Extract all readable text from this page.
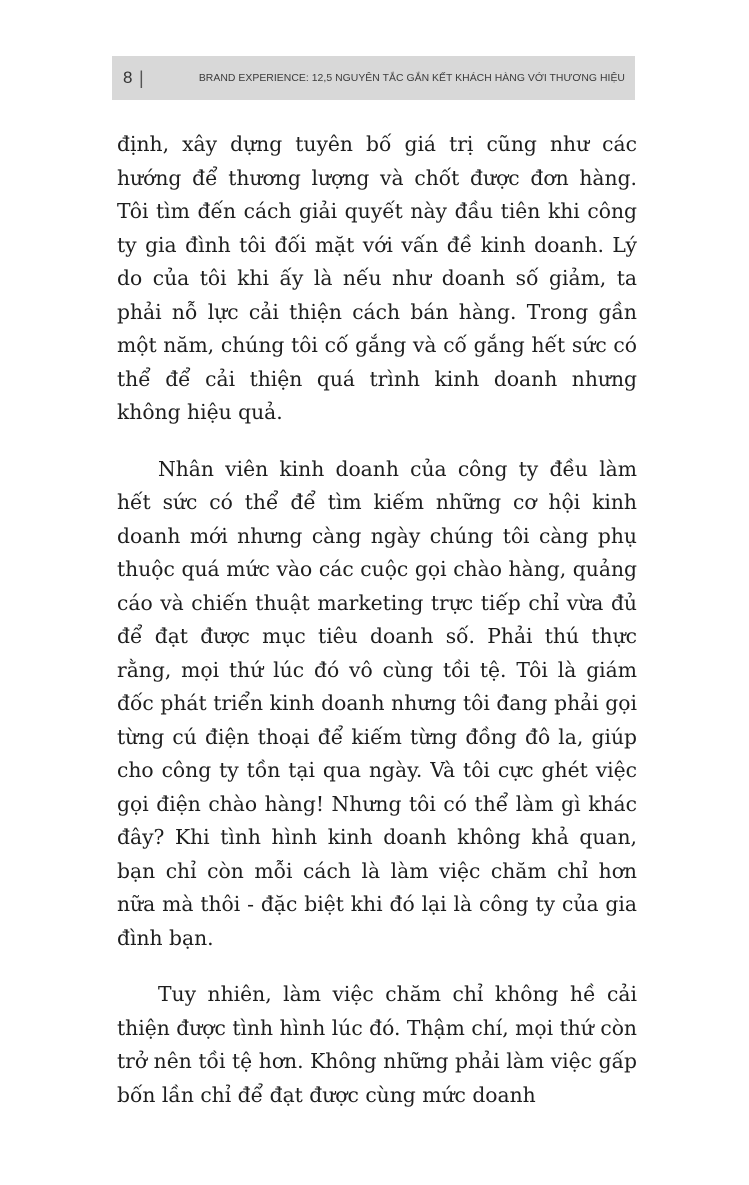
8 |	BRAND EXPERIENCE: 12,5 NGUYÊN TẮC GẮN KẾT KHÁCH HÀNG VỚI THƯƠNG HIỆU

định, xây dựng tuyên bố giá trị cũng như các hướng để thương lượng và chốt được đơn hàng. Tôi tìm đến cách giải quyết này đầu tiên khi công ty gia đình tôi đối mặt với vấn đề kinh doanh. Lý do của tôi khi ấy là nếu như doanh số giảm, ta phải nỗ lực cải thiện cách bán hàng. Trong gần một năm, chúng tôi cố gắng và cố gắng hết sức có thể để cải thiện quá trình kinh doanh nhưng không hiệu quả.

Nhân viên kinh doanh của công ty đều làm hết sức có thể để tìm kiếm những cơ hội kinh doanh mới nhưng càng ngày chúng tôi càng phụ thuộc quá mức vào các cuộc gọi chào hàng, quảng cáo và chiến thuật marketing trực tiếp chỉ vừa đủ để đạt được mục tiêu doanh số. Phải thú thực rằng, mọi thứ lúc đó vô cùng tồi tệ. Tôi là giám đốc phát triển kinh doanh nhưng tôi đang phải gọi từng cú điện thoại để kiếm từng đồng đô la, giúp cho công ty tồn tại qua ngày. Và tôi cực ghét việc gọi điện chào hàng! Nhưng tôi có thể làm gì khác đây? Khi tình hình kinh doanh không khả quan, bạn chỉ còn mỗi cách là làm việc chăm chỉ hơn nữa mà thôi - đặc biệt khi đó lại là công ty của gia đình bạn.

Tuy nhiên, làm việc chăm chỉ không hề cải thiện được tình hình lúc đó. Thậm chí, mọi thứ còn trở nên tồi tệ hơn. Không những phải làm việc gấp bốn lần chỉ để đạt được cùng mức doanh
